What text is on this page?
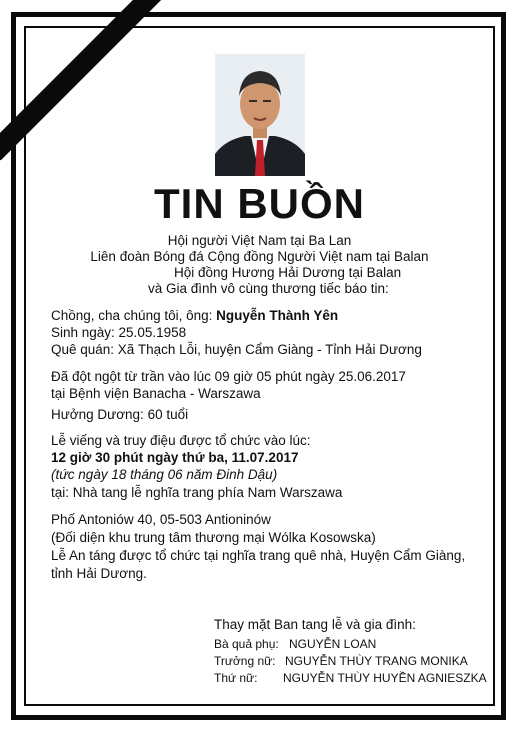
TIN BUỒN
Hội người Việt Nam tại Ba Lan
Liên đoàn Bóng đá Cộng đồng Người Việt nam tại Balan
Hội đồng Hương Hải Dương tại Balan
và Gia đình vô cùng thương tiếc báo tin:
Chồng, cha chúng tôi, ông: Nguyễn Thành Yên
Sinh ngày: 25.05.1958
Quê quán: Xã Thạch Lỗi, huyện Cẩm Giàng - Tỉnh Hải Dương
Đã đột ngột từ trần vào lúc 09 giờ 05 phút ngày 25.06.2017
tại Bệnh viện Banacha - Warszawa
Hưởng Dương: 60 tuổi
Lễ viếng và truy điệu được tổ chức vào lúc:
12 giờ 30 phút ngày thứ ba, 11.07.2017
(tức ngày 18 tháng 06 năm Đinh Dậu)
tại: Nhà tang lễ nghĩa trang phía Nam Warszawa
Phố Antoniów 40, 05-503 Antioninów
(Đối diện khu trung tâm thương mại Wólka Kosowska)
Lễ An táng được tổ chức tại nghĩa trang quê nhà, Huyện Cẩm Giàng,
tỉnh Hải Dương.
Thay mặt Ban tang lễ và gia đình:
Bà quả phụ: NGUYỄN LOAN
Trưởng nữ: NGUYỄN THÙY TRANG MONIKA
Thứ nữ: NGUYỄN THÙY HUYỀN AGNIESZKA
